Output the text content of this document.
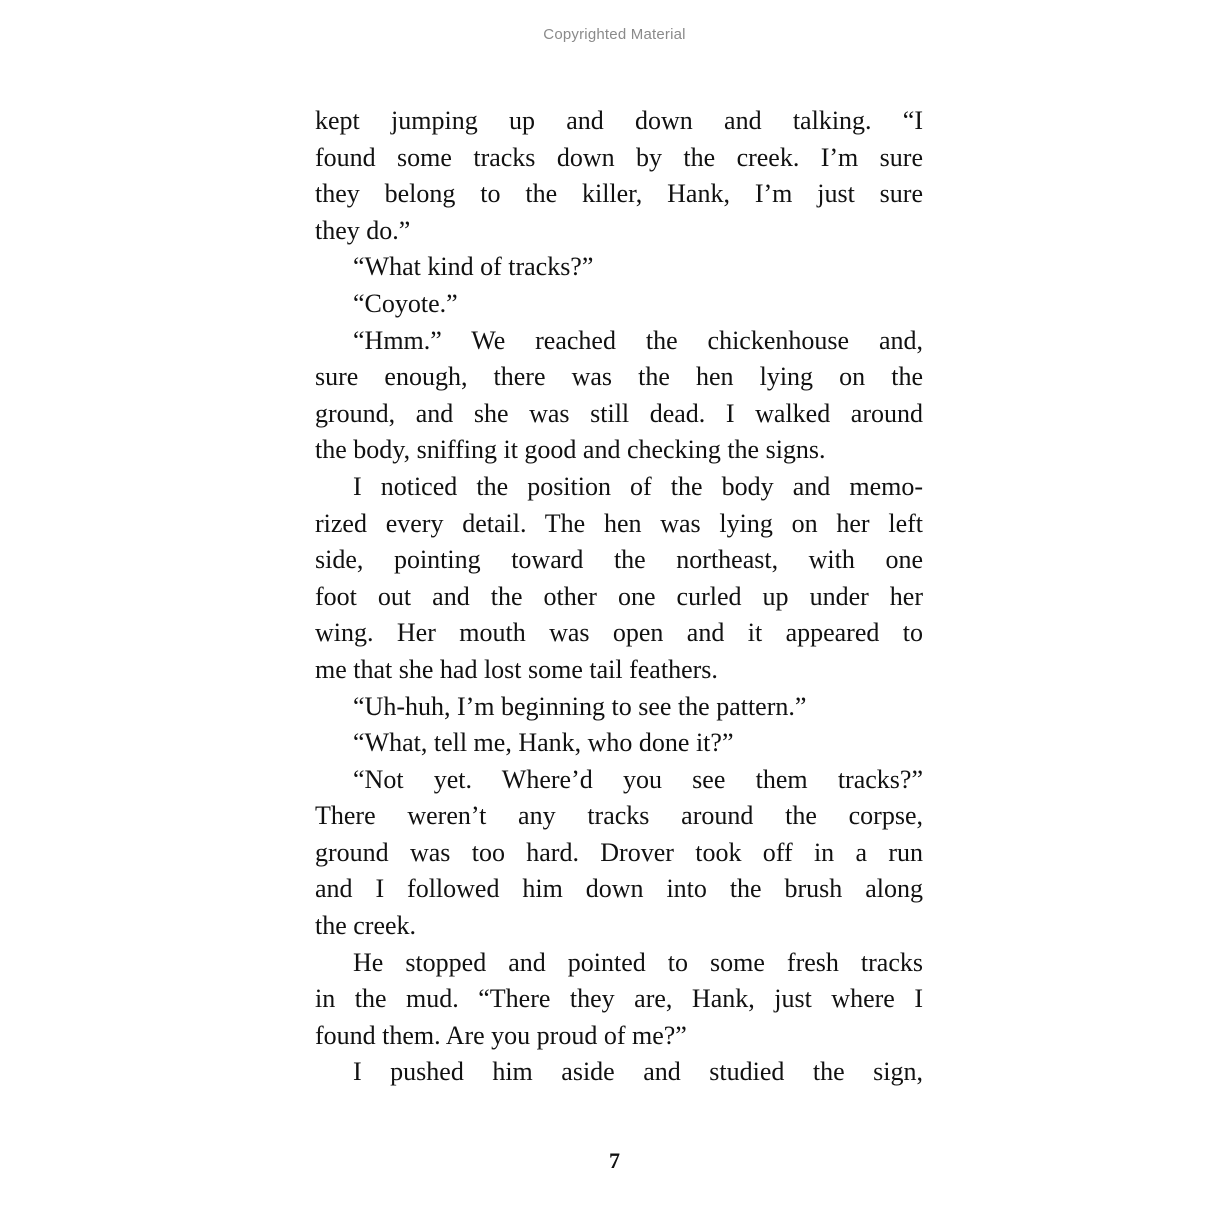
Copyrighted Material
kept jumping up and down and talking. “I
found some tracks down by the creek. I’m sure
they belong to the killer, Hank, I’m just sure
they do.”
“What kind of tracks?”
“Coyote.”
“Hmm.” We reached the chickenhouse and,
sure enough, there was the hen lying on the
ground, and she was still dead. I walked around
the body, sniffing it good and checking the signs.
I noticed the position of the body and memo-
rized every detail. The hen was lying on her left
side, pointing toward the northeast, with one
foot out and the other one curled up under her
wing. Her mouth was open and it appeared to
me that she had lost some tail feathers.
“Uh-huh, I’m beginning to see the pattern.”
“What, tell me, Hank, who done it?”
“Not yet. Where’d you see them tracks?”
There weren’t any tracks around the corpse,
ground was too hard. Drover took off in a run
and I followed him down into the brush along
the creek.
He stopped and pointed to some fresh tracks
in the mud. “There they are, Hank, just where I
found them. Are you proud of me?”
I pushed him aside and studied the sign,
7
